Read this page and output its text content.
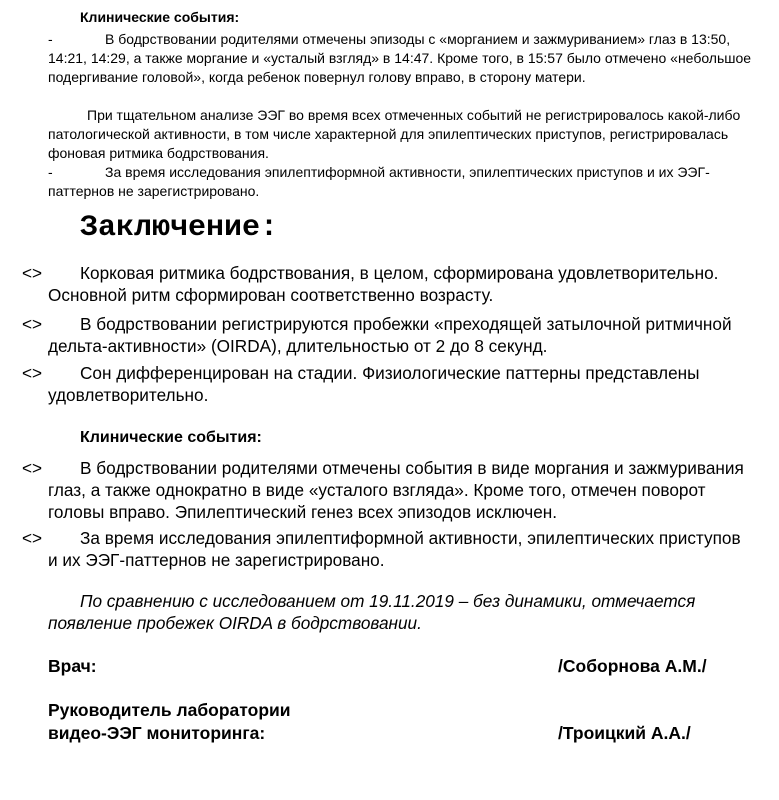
Клинические события:
-	В бодрствовании родителями отмечены эпизоды с «морганием и зажмуриванием» глаз в 13:50, 14:21, 14:29, а также моргание и «усталый взгляд» в 14:47. Кроме того, в 15:57 было отмечено «небольшое подергивание головой», когда ребенок повернул голову вправо, в сторону матери.
При тщательном анализе ЭЭГ во время всех отмеченных событий не регистрировалось какой-либо патологической активности, в том числе характерной для эпилептических приступов, регистрировалась фоновая ритмика бодрствования.
-	За время исследования эпилептиформной активности, эпилептических приступов и их ЭЭГ-паттернов не зарегистрировано.
Заключение:
<>	Корковая ритмика бодрствования, в целом, сформирована удовлетворительно. Основной ритм сформирован соответственно возрасту.
<>	В бодрствовании регистрируются пробежки «преходящей затылочной ритмичной дельта-активности» (OIRDA), длительностью от 2 до 8 секунд.
<>	Сон дифференцирован на стадии. Физиологические паттерны представлены удовлетворительно.
Клинические события:
<>	В бодрствовании родителями отмечены события в виде моргания и зажмуривания глаз, а также однократно в виде «усталого взгляда». Кроме того, отмечен поворот головы вправо. Эпилептический генез всех эпизодов исключен.
<>	За время исследования эпилептиформной активности, эпилептических приступов и их ЭЭГ-паттернов не зарегистрировано.
По сравнению с исследованием от 19.11.2019 – без динамики, отмечается появление пробежек OIRDA в бодрствовании.
Врач:	/Соборнова А.М./
Руководитель лаборатории
видео-ЭЭГ мониторинга:	/Троицкий А.А./
